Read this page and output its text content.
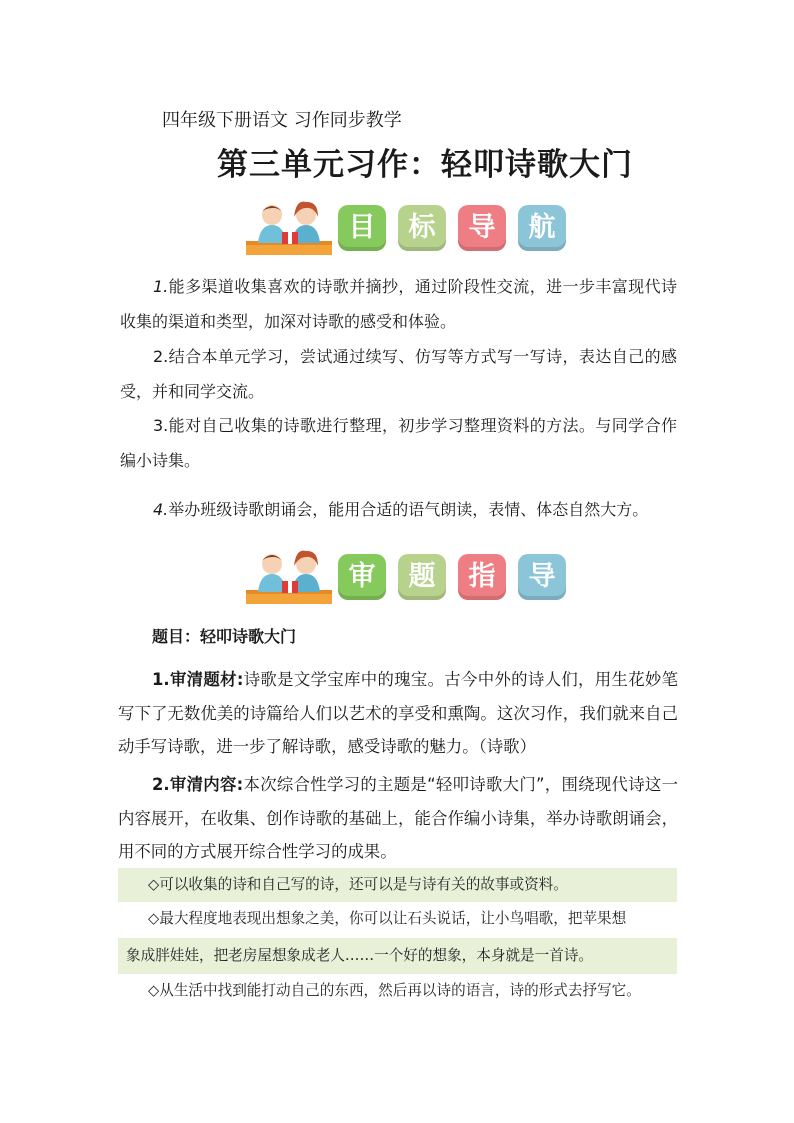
四年级下册语文 习作同步教学
第三单元习作：轻叩诗歌大门
目	标	导	航
1.能多渠道收集喜欢的诗歌并摘抄，通过阶段性交流，进一步丰富现代诗收集的渠道和类型，加深对诗歌的感受和体验。
2.结合本单元学习，尝试通过续写、仿写等方式写一写诗，表达自己的感受，并和同学交流。
3.能对自己收集的诗歌进行整理，初步学习整理资料的方法。与同学合作编小诗集。
4.举办班级诗歌朗诵会，能用合适的语气朗读，表情、体态自然大方。
审	题	指	导
题目：轻叩诗歌大门
1.审清题材:诗歌是文学宝库中的瑰宝。古今中外的诗人们，用生花妙笔写下了无数优美的诗篇给人们以艺术的享受和熏陶。这次习作，我们就来自己动手写诗歌，进一步了解诗歌，感受诗歌的魅力。（诗歌）
2.审清内容:本次综合性学习的主题是“轻叩诗歌大门”，围绕现代诗这一内容展开，在收集、创作诗歌的基础上，能合作编小诗集，举办诗歌朗诵会，用不同的方式展开综合性学习的成果。
◇可以收集的诗和自己写的诗，还可以是与诗有关的故事或资料。
◇最大程度地表现出想象之美，你可以让石头说话，让小鸟唱歌，把苹果想
象成胖娃娃，把老房屋想象成老人……一个好的想象，本身就是一首诗。
◇从生活中找到能打动自己的东西，然后再以诗的语言，诗的形式去抒写它。
